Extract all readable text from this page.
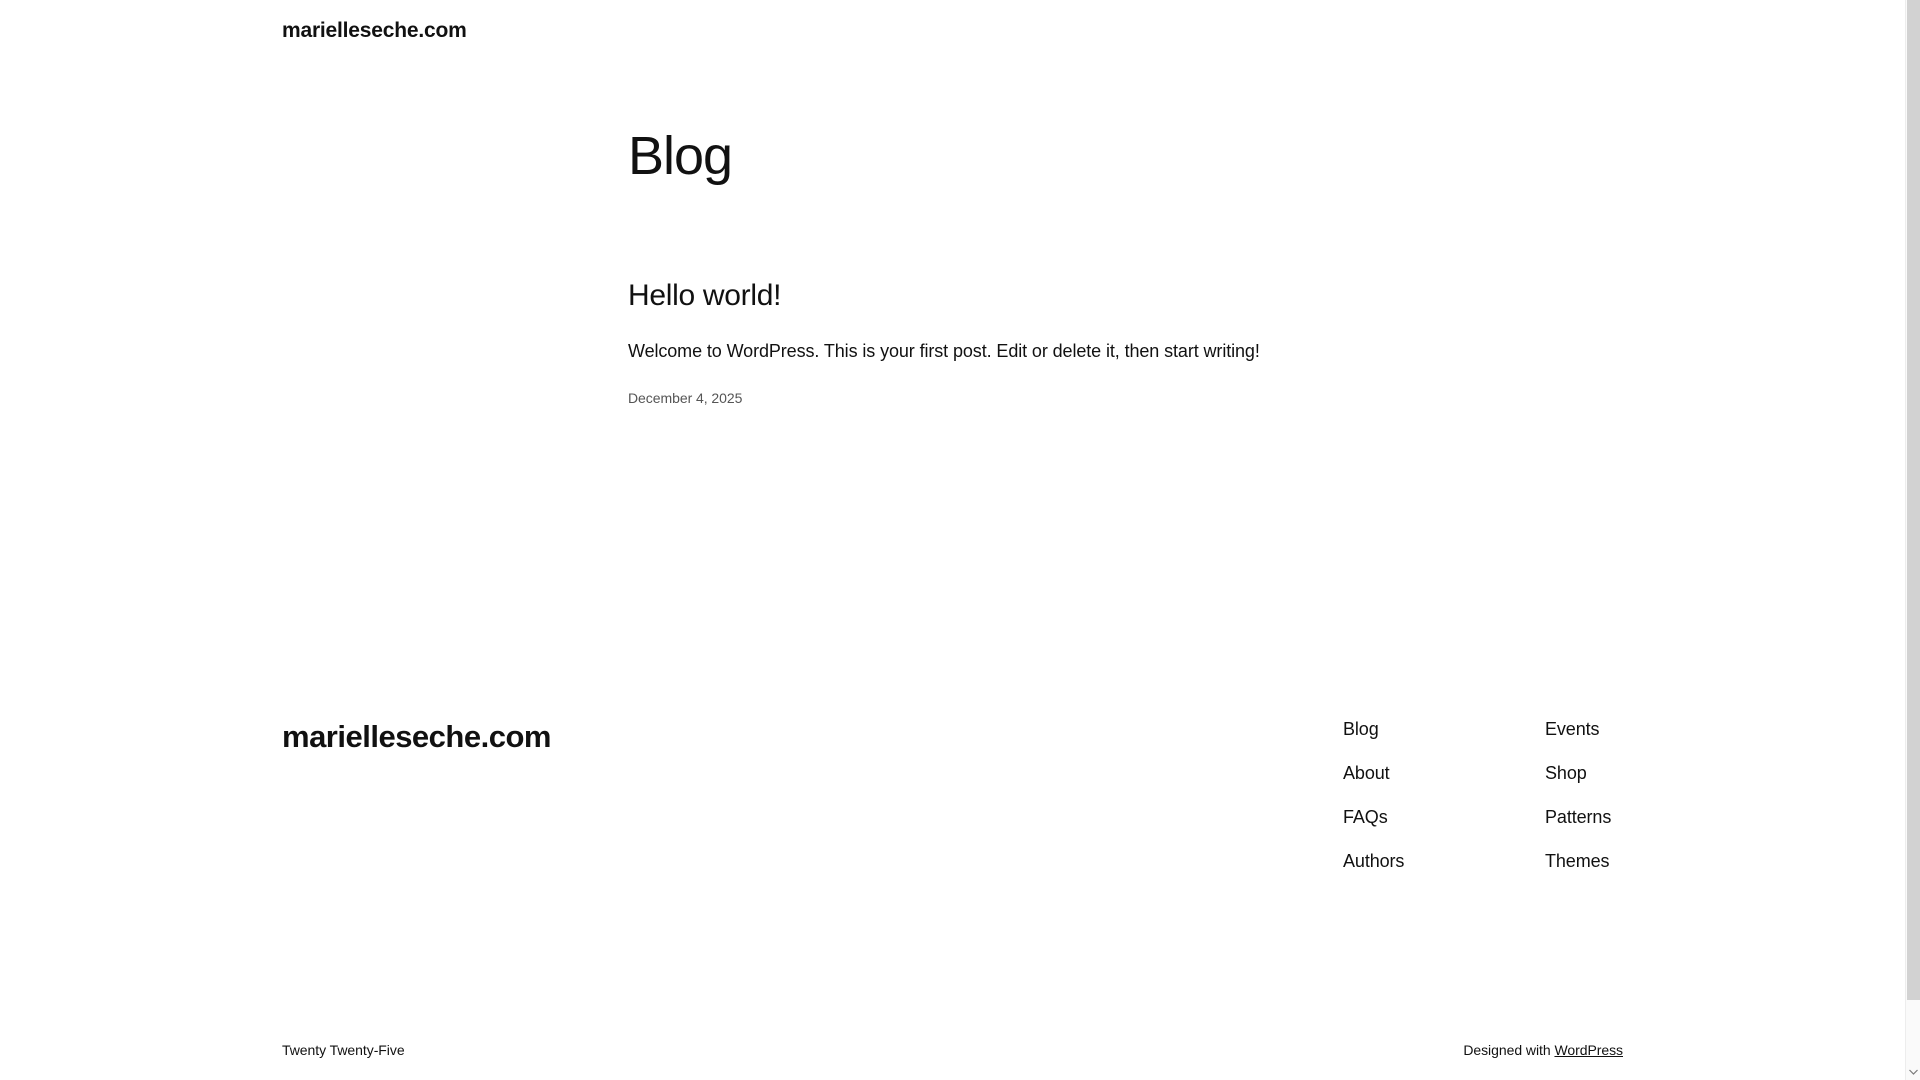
marielleseche.com
Blog
Hello world!

Welcome to WordPress. This is your first post. Edit or delete it, then start writing!

December 4, 2025

marielleseche.com	Blog
About
FAQs
Authors
Events
Shop
Patterns
Themes
Twenty Twenty-Five	Designed with WordPress
